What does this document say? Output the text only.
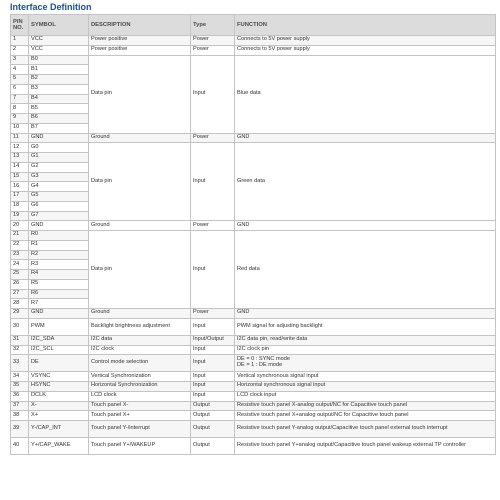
Interface Definition
PIN NO.	SYMBOL	DESCRIPTION	Type	FUNCTION
1	VCC	Power positive	Power	Connects to 5V power supply
2	VCC	Power positive	Power	Connects to 5V power supply
3	B0	Data pin	Input	Blue data
4	B1			
5	B2			
6	B3			
7	B4			
8	B5			
9	B6			
10	B7			
11	GND	Ground	Power	GND
12	G0	Data pin	Input	Green data
13	G1			
14	G2			
15	G3			
16	G4			
17	G5			
18	G6			
19	G7			
20	GND	Ground	Power	GND
21	R0	Data pin	Input	Red data
22	R1			
23	R2			
24	R3			
25	R4			
26	R5			
27	R6			
28	R7			
29	GND	Ground	Power	GND
30	PWM	Backlight brightness adjustment	Input	PWM signal for adjusting backlight
31	I2C_SDA	I2C data	Input/Output	I2C data pin, read/write data
32	I2C_SCL	I2C clock	Input	I2C clock pin
33	DE	Control mode selection	Input	DE = 0 : SYNC mode
DE = 1 : DE mode

34	VSYNC	Vertical Synchronization	Input	Vertical synchronous signal input
35	HSYNC	Horizontal Synchronization	Input	Horizontal synchronous signal input
36	DCLK	LCD clock	Input	LCD clock input
37	X-	Touch panel X-	Output	Resistive touch panel X-analog output/NC for Capacitive touch panel
38	X+	Touch panel X+	Output	Resistive touch panel X+analog output/NC for Capacitive touch panel
39	Y-/CAP_INT	Touch panel Y-/interrupt	Output	Resistive touch panel Y-analog output/Capacitive touch panel external touch interrupt
40	Y+/CAP_WAKE	Touch panel Y+/WAKEUP	Output	Resistive touch panel Y+analog output/Capacitive touch panel wakeup external TP controller
